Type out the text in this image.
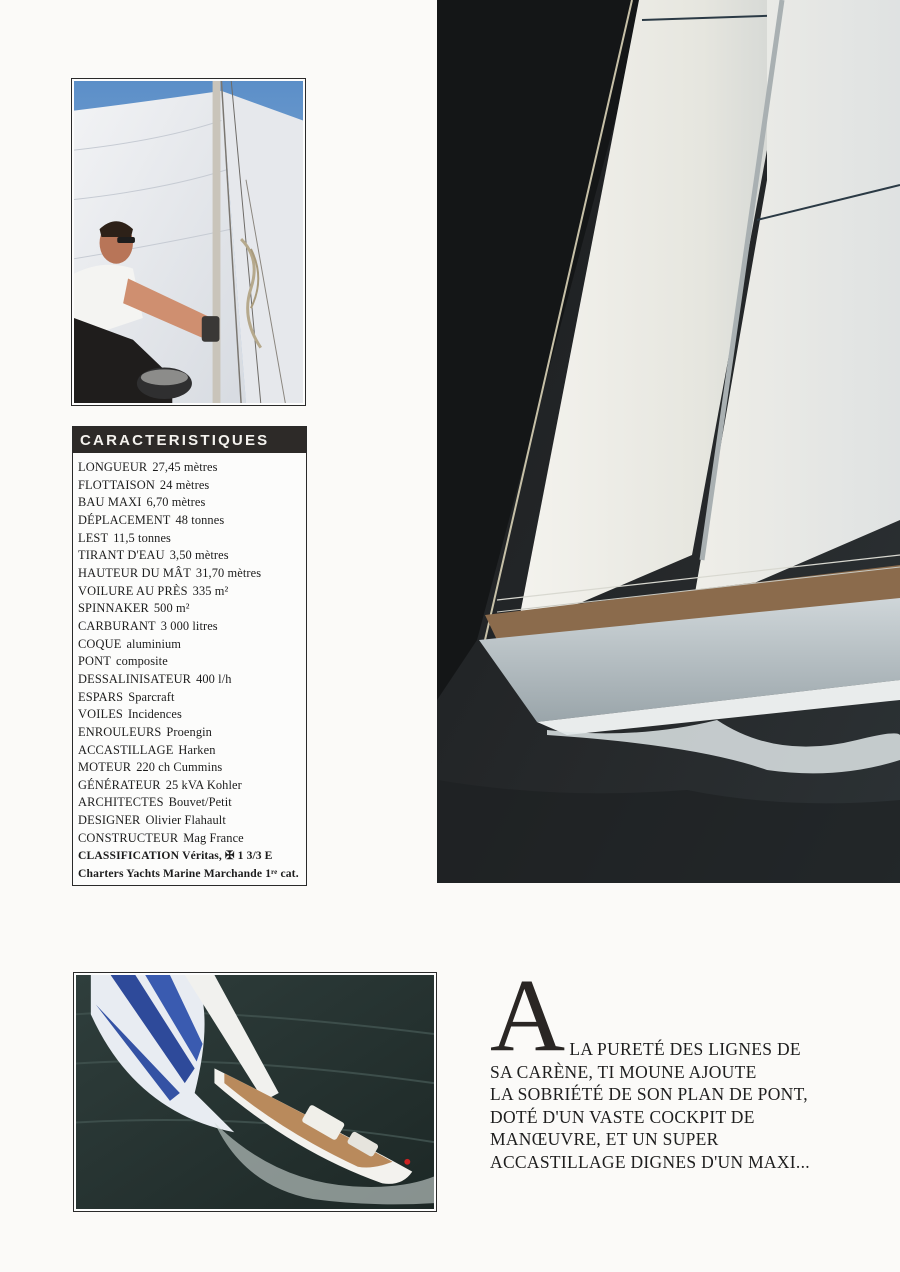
CARACTERISTIQUES
LONGUEUR 27,45 mètres
FLOTTAISON 24 mètres
BAU MAXI 6,70 mètres
DÉPLACEMENT 48 tonnes
LEST 11,5 tonnes
TIRANT D'EAU 3,50 mètres
HAUTEUR DU MÂT 31,70 mètres
VOILURE AU PRÈS 335 m²
SPINNAKER 500 m²
CARBURANT 3 000 litres
COQUE aluminium
PONT composite
DESSALINISATEUR 400 l/h
ESPARS Sparcraft
VOILES Incidences
ENROULEURS Proengin
ACCASTILLAGE Harken
MOTEUR 220 ch Cummins
GÉNÉRATEUR 25 kVA Kohler
ARCHITECTES Bouvet/Petit
DESIGNER Olivier Flahault
CONSTRUCTEUR Mag France
CLASSIFICATION Véritas, ✠ 1 3/3 E
Charters Yachts Marine Marchande 1ʳᵉ cat.
A LA PURETÉ DES LIGNES DE
SA CARÈNE, TI MOUNE AJOUTE
LA SOBRIÉTÉ DE SON PLAN DE PONT,
DOTÉ D'UN VASTE COCKPIT DE
MANŒUVRE, ET UN SUPER
ACCASTILLAGE DIGNES D'UN MAXI...
